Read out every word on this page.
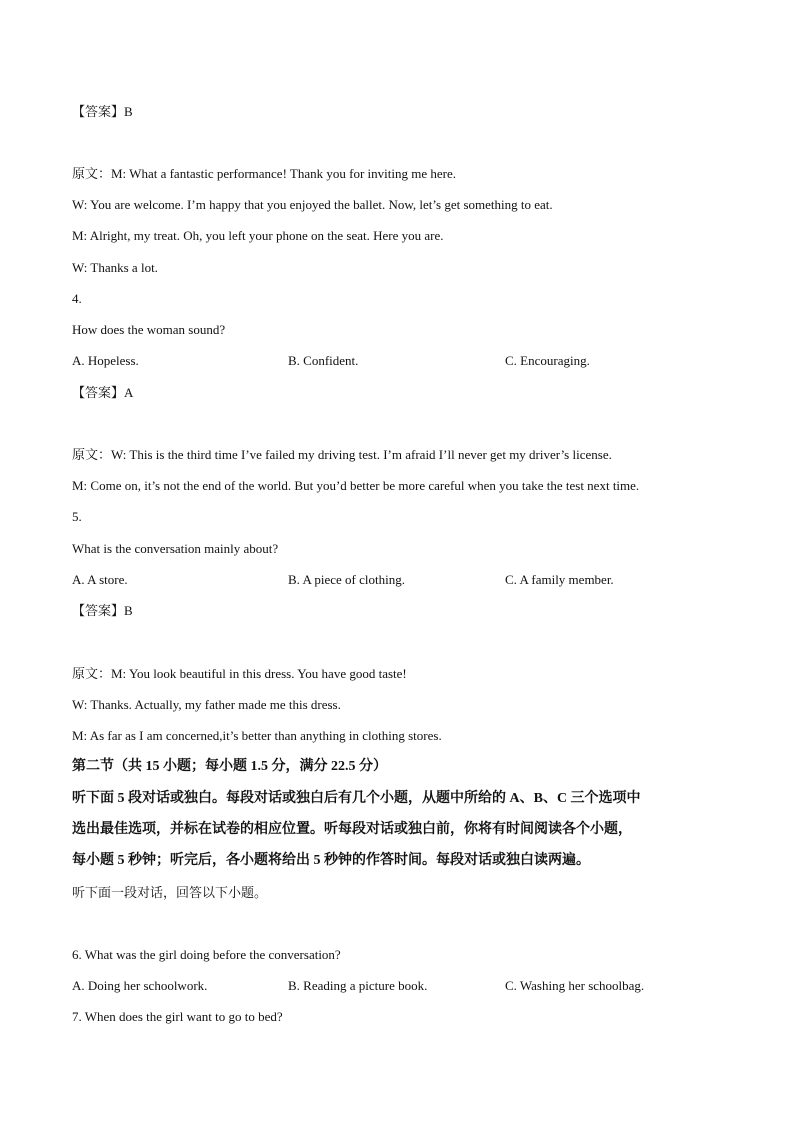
【答案】B
原文：M: What a fantastic performance! Thank you for inviting me here.
W: You are welcome. I’m happy that you enjoyed the ballet. Now, let’s get something to eat.
M: Alright, my treat. Oh, you left your phone on the seat. Here you are.
W: Thanks a lot.
4.
How does the woman sound?
A. Hopeless.	B. Confident.	C. Encouraging.
【答案】A
原文：W: This is the third time I’ve failed my driving test. I’m afraid I’ll never get my driver’s license.
M: Come on, it’s not the end of the world. But you’d better be more careful when you take the test next time.
5.
What is the conversation mainly about?
A. A store.	B. A piece of clothing.	C. A family member.
【答案】B
原文：M: You look beautiful in this dress. You have good taste!
W: Thanks. Actually, my father made me this dress.
M: As far as I am concerned,it’s better than anything in clothing stores.
第二节（共 15 小题；每小题 1.5 分，满分 22.5 分）
听下面 5 段对话或独白。每段对话或独白后有几个小题，从题中所给的 A、B、C 三个选项中
选出最佳选项，并标在试卷的相应位置。听每段对话或独白前，你将有时间阅读各个小题，
每小题 5 秒钟；听完后，各小题将给出 5 秒钟的作答时间。每段对话或独白读两遍。
听下面一段对话，回答以下小题。
6. What was the girl doing before the conversation?
A. Doing her schoolwork.	B. Reading a picture book.	C. Washing her schoolbag.
7. When does the girl want to go to bed?
